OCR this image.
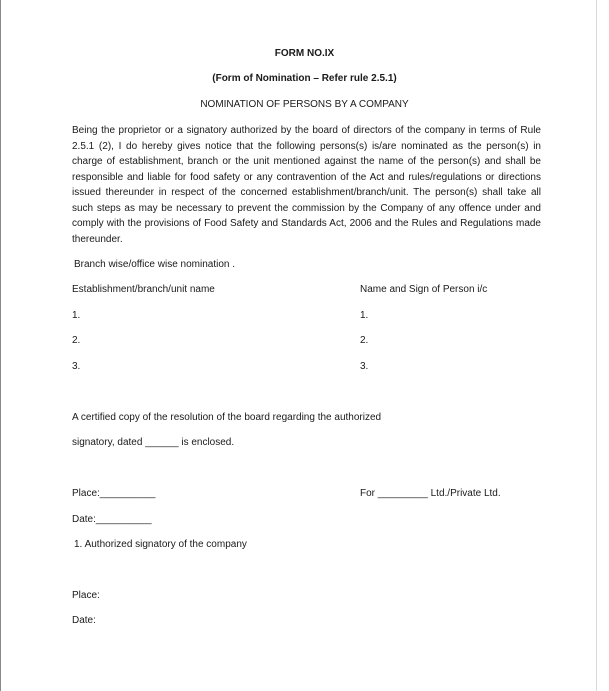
FORM NO.IX
(Form of Nomination – Refer rule 2.5.1)
NOMINATION OF PERSONS BY A COMPANY
Being the proprietor or a signatory authorized by the board of directors of the company in terms of Rule 2.5.1 (2), I do hereby gives notice that the following persons(s) is/are nominated as the person(s) in charge of establishment, branch or the unit mentioned against the name of the person(s) and shall be responsible and liable for food safety or any contravention of the Act and rules/regulations or directions issued thereunder in respect of the concerned establishment/branch/unit. The person(s) shall take all such steps as may be necessary to prevent the commission by the Company of any offence under and comply with the provisions of Food Safety and Standards Act, 2006 and the Rules and Regulations made thereunder.
Branch wise/office wise nomination .
Establishment/branch/unit name	Name and Sign of Person i/c
1.
2.
3.
1.
2.
3.
A certified copy of the resolution of the board regarding the authorized
signatory, dated ______ is enclosed.
Place:__________	For _________ Ltd./Private Ltd.
Date:__________
1. Authorized signatory of the company
Place:
Date:
